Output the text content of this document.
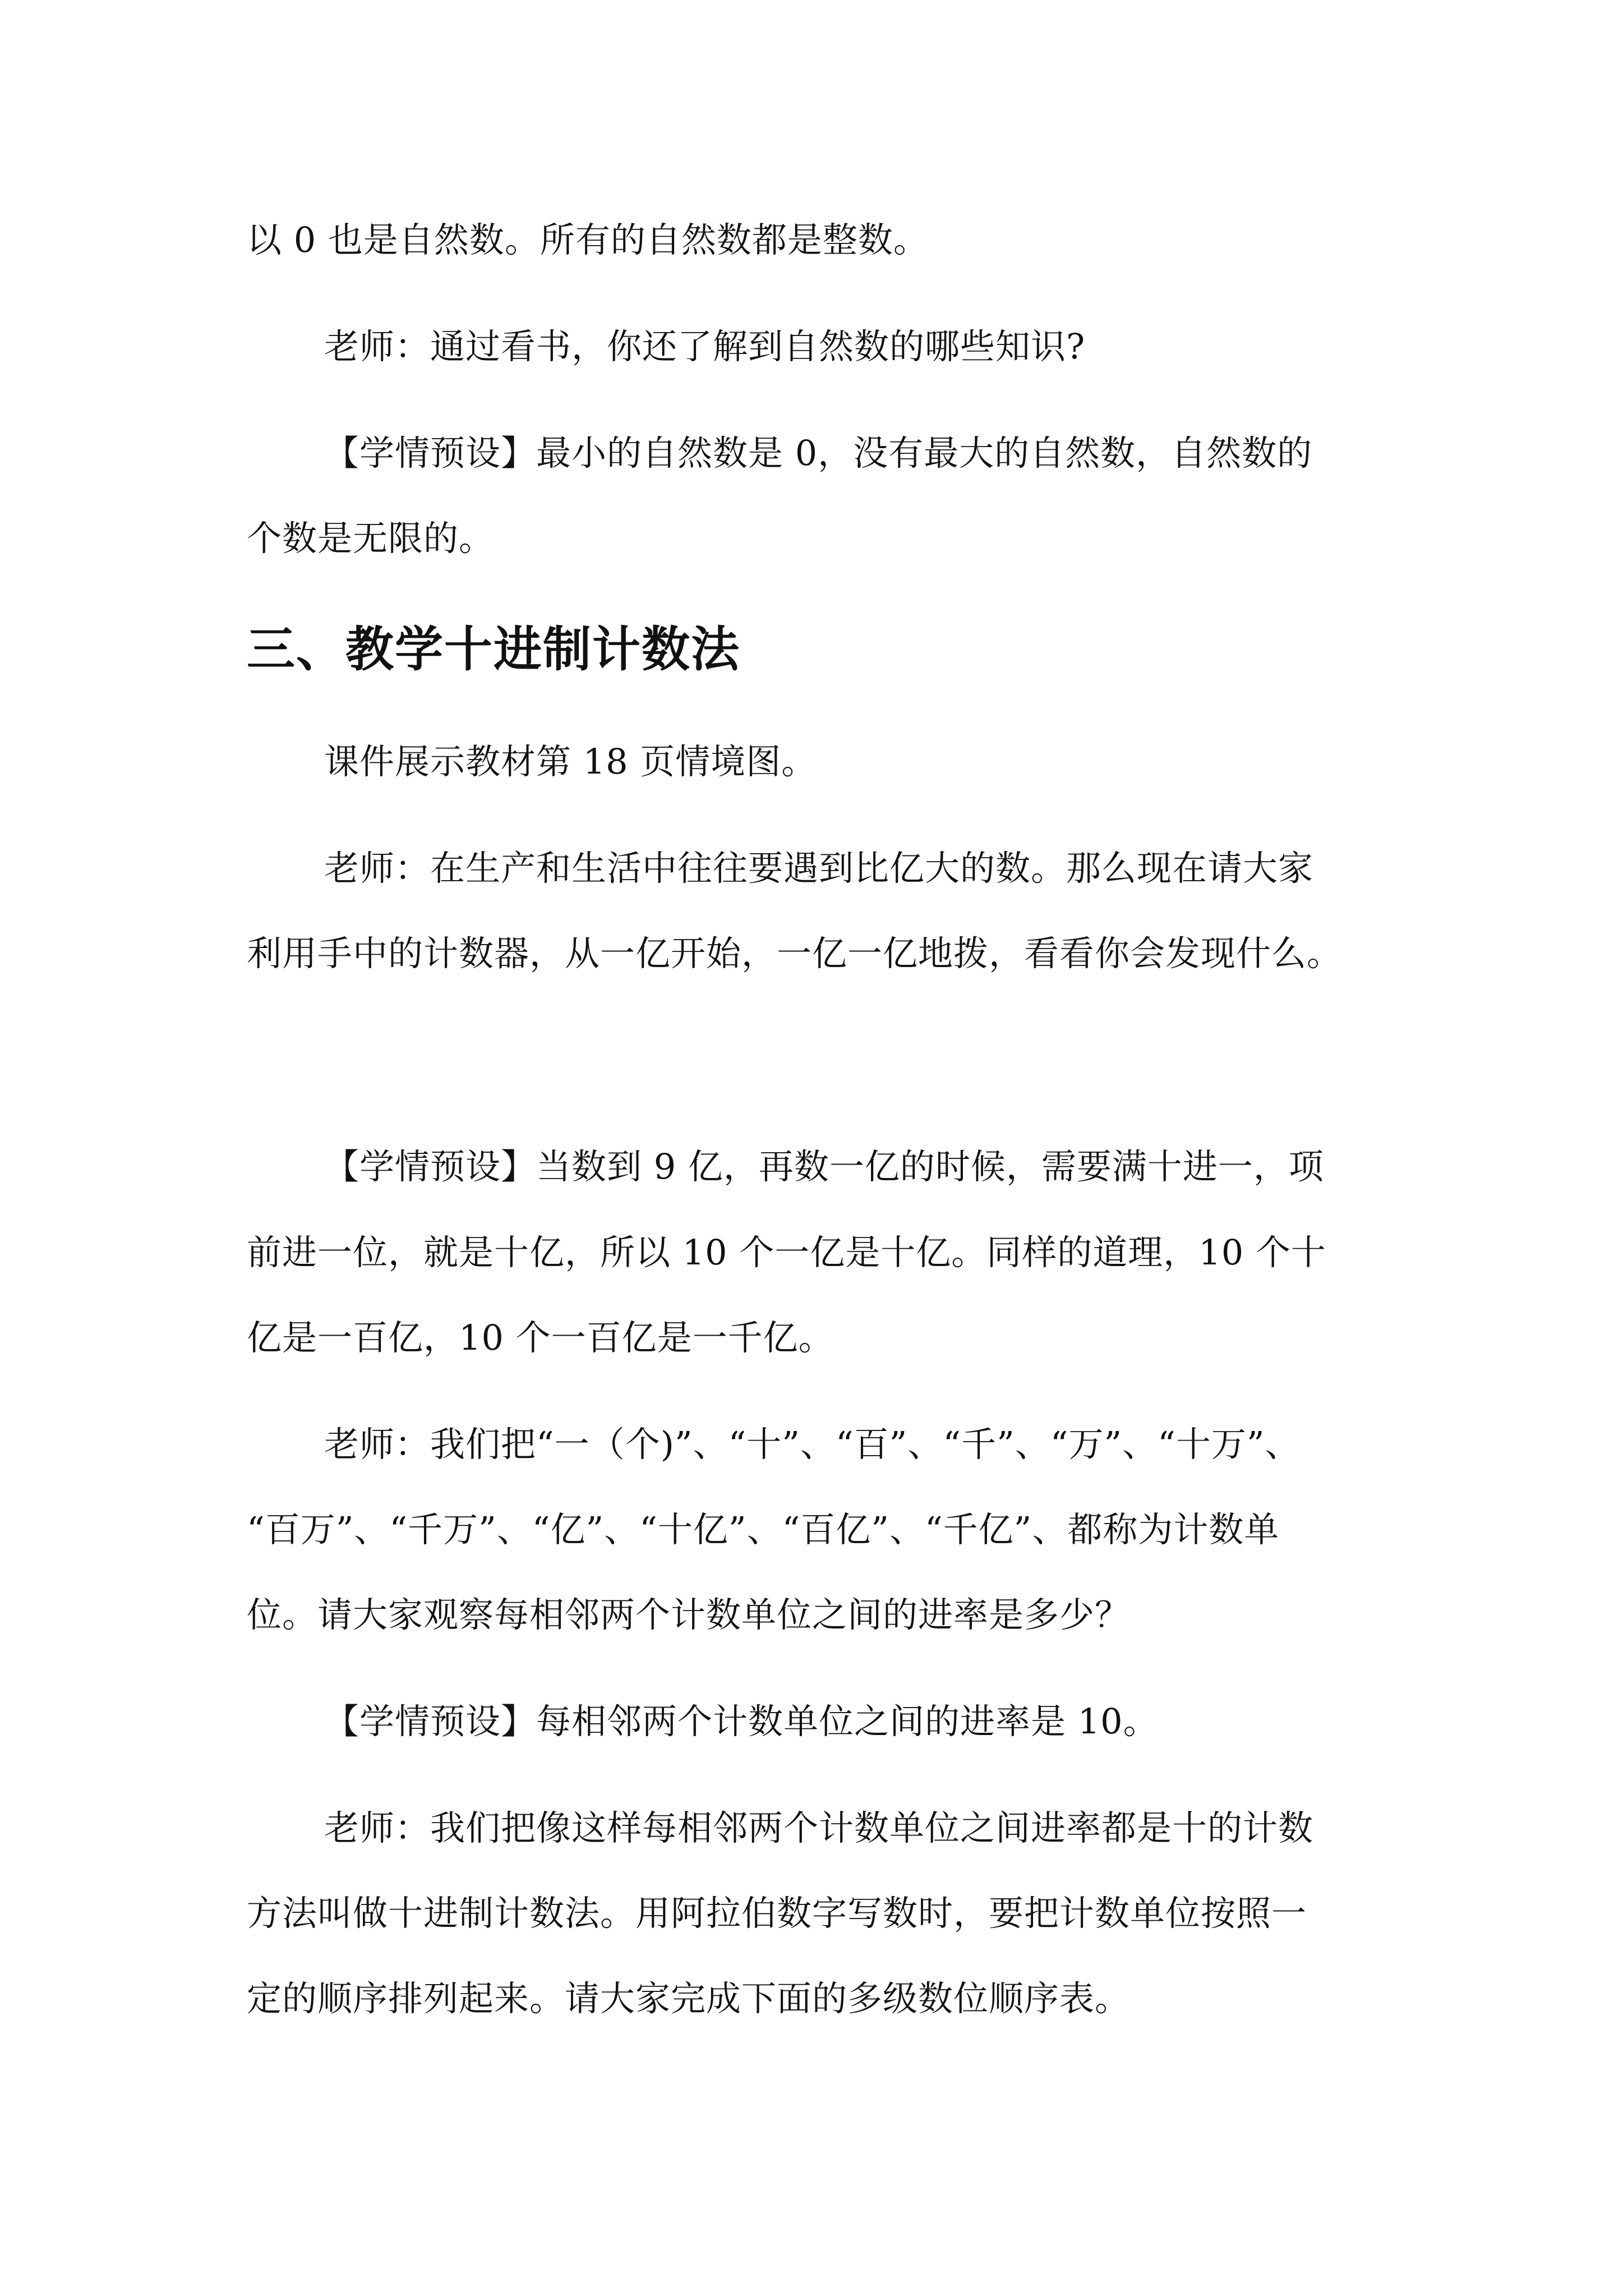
以 0 也是自然数。所有的自然数都是整数。
老师：通过看书，你还了解到自然数的哪些知识?
【学情预设】最小的自然数是 0，没有最大的自然数，自然数的
个数是无限的。
三、教学十进制计数法
课件展示教材第 18 页情境图。
老师：在生产和生活中往往要遇到比亿大的数。那么现在请大家
利用手中的计数器，从一亿开始，一亿一亿地拨，看看你会发现什么。
【学情预设】当数到 9 亿，再数一亿的时候，需要满十进一，项
前进一位，就是十亿，所以 10 个一亿是十亿。同样的道理，10 个十
亿是一百亿，10 个一百亿是一千亿。
老师：我们把“一（个)”、“十”、“百”、“千”、“万”、“十万”、
“百万”、“千万”、“亿”、“十亿”、“百亿”、“千亿”、都称为计数单
位。请大家观察每相邻两个计数单位之间的进率是多少？
【学情预设】每相邻两个计数单位之间的进率是 10。
老师：我们把像这样每相邻两个计数单位之间进率都是十的计数
方法叫做十进制计数法。用阿拉伯数字写数时，要把计数单位按照一
定的顺序排列起来。请大家完成下面的多级数位顺序表。
